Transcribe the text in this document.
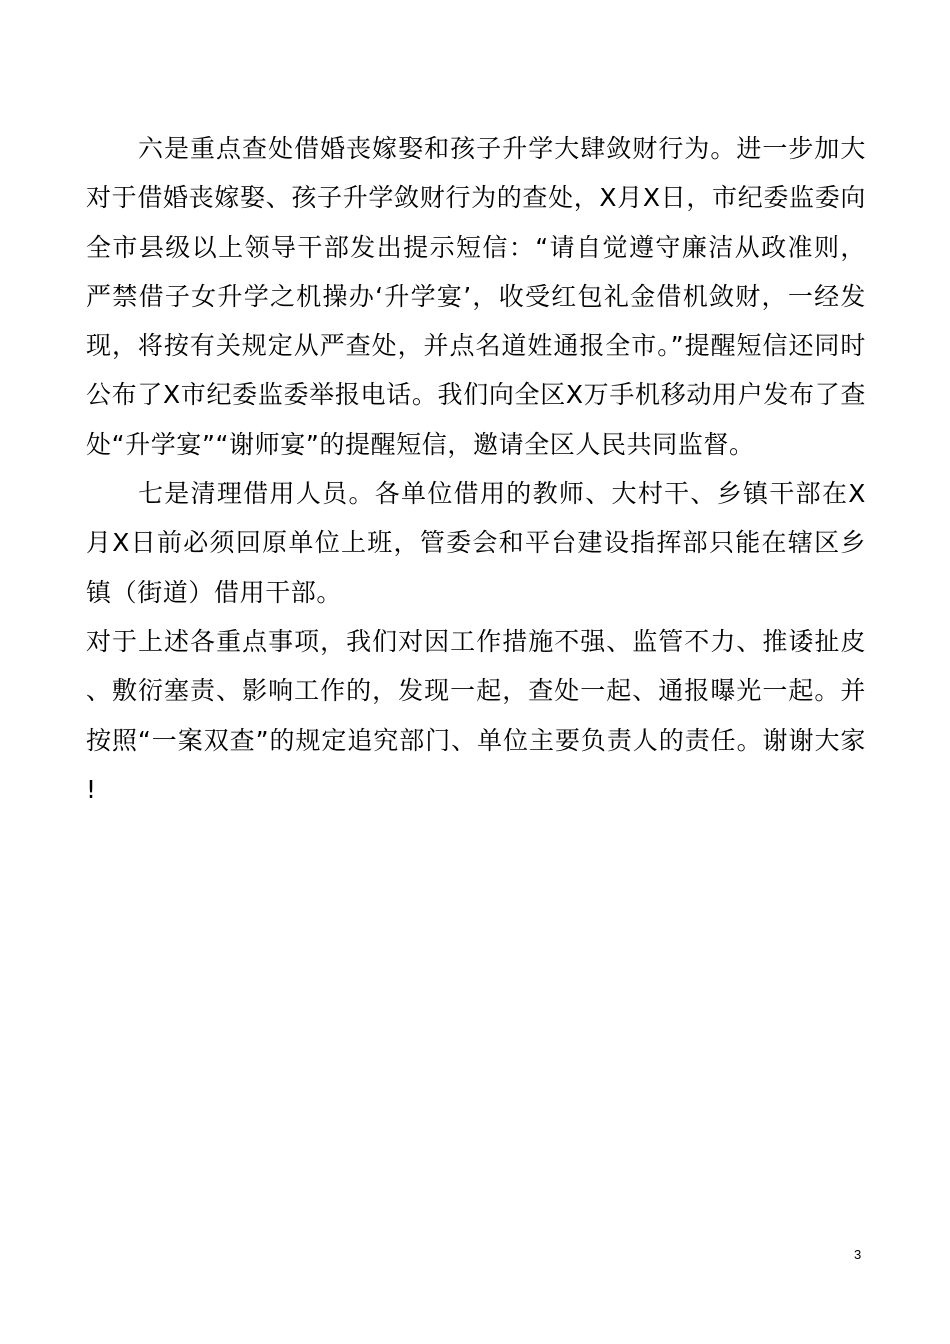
六是重点查处借婚丧嫁娶和孩子升学大肆敛财行为。进一步加大对于借婚丧嫁娶、孩子升学敛财行为的查处，X月X日，市纪委监委向全市县级以上领导干部发出提示短信：“请自觉遵守廉洁从政准则，严禁借子女升学之机操办‘升学宴’，收受红包礼金借机敛财，一经发现，将按有关规定从严查处，并点名道姓通报全市。”提醒短信还同时公布了X市纪委监委举报电话。我们向全区X万手机移动用户发布了查处“升学宴”“谢师宴”的提醒短信，邀请全区人民共同监督。

七是清理借用人员。各单位借用的教师、大村干、乡镇干部在X月X日前必须回原单位上班，管委会和平台建设指挥部只能在辖区乡镇（街道）借用干部。

对于上述各重点事项，我们对因工作措施不强、监管不力、推诿扯皮、敷衍塞责、影响工作的，发现一起，查处一起、通报曝光一起。并按照“一案双查”的规定追究部门、单位主要负责人的责任。谢谢大家!

3
